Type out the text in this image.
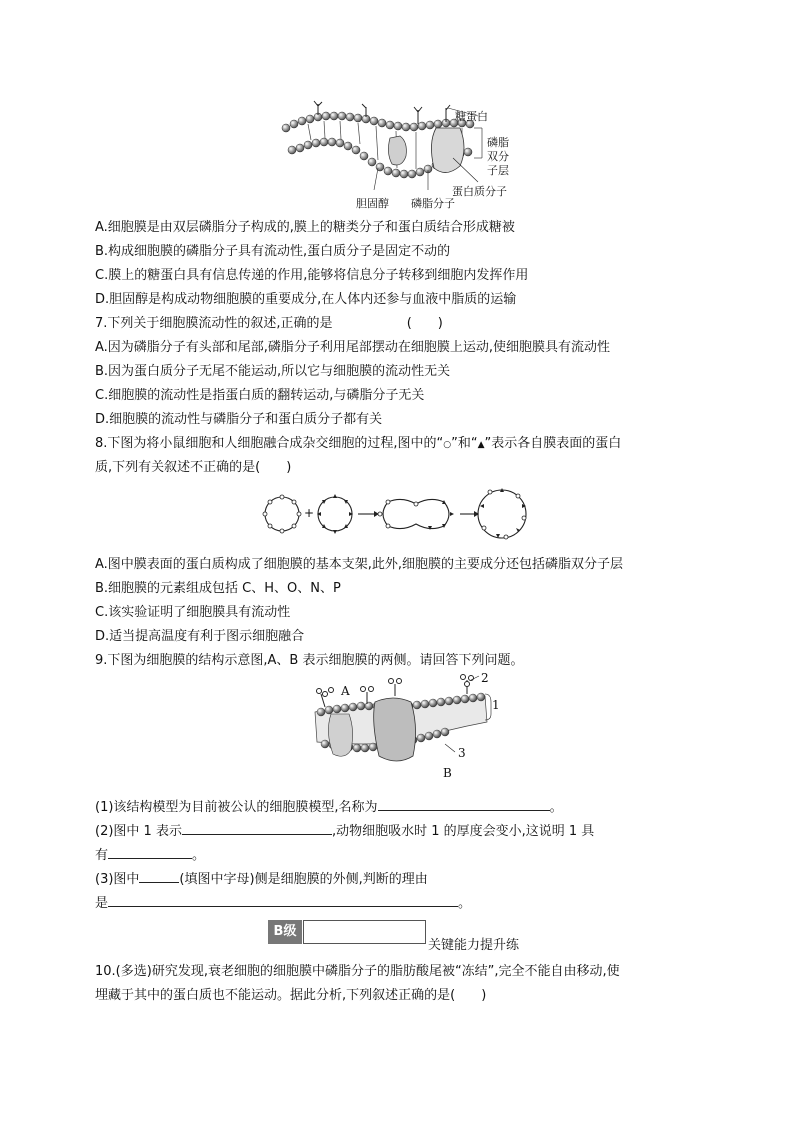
糖蛋白
磷脂
双分
子层
蛋白质分子
胆固醇 磷脂分子
A.细胞膜是由双层磷脂分子构成的,膜上的糖类分子和蛋白质结合形成糖被
B.构成细胞膜的磷脂分子具有流动性,蛋白质分子是固定不动的
C.膜上的糖蛋白具有信息传递的作用,能够将信息分子转移到细胞内发挥作用
D.胆固醇是构成动物细胞膜的重要成分,在人体内还参与血液中脂质的运输
7.下列关于细胞膜流动性的叙述,正确的是	(　　)
A.因为磷脂分子有头部和尾部,磷脂分子利用尾部摆动在细胞膜上运动,使细胞膜具有流动性
B.因为蛋白质分子无尾不能运动,所以它与细胞膜的流动性无关
C.细胞膜的流动性是指蛋白质的翻转运动,与磷脂分子无关
D.细胞膜的流动性与磷脂分子和蛋白质分子都有关
8.下图为将小鼠细胞和人细胞融合成杂交细胞的过程,图中的“○”和“▲”表示各自膜表面的蛋白
质,下列有关叙述不正确的是(　　)
+
A.图中膜表面的蛋白质构成了细胞膜的基本支架,此外,细胞膜的主要成分还包括磷脂双分子层
B.细胞膜的元素组成包括 C、H、O、N、P
C.该实验证明了细胞膜具有流动性
D.适当提高温度有利于图示细胞融合
9.下图为细胞膜的结构示意图,A、B 表示细胞膜的两侧。请回答下列问题。
A
2
1
3
B
(1)该结构模型为目前被公认的细胞膜模型,名称为	。
(2)图中 1 表示	,动物细胞吸水时 1 的厚度会变小,这说明 1 具
有	。
(3)图中	(填图中字母)侧是细胞膜的外侧,判断的理由
是	。
B级
关键能力提升练
10.(多选)研究发现,衰老细胞的细胞膜中磷脂分子的脂肪酸尾被“冻结”,完全不能自由移动,使
埋藏于其中的蛋白质也不能运动。据此分析,下列叙述正确的是(　　)
